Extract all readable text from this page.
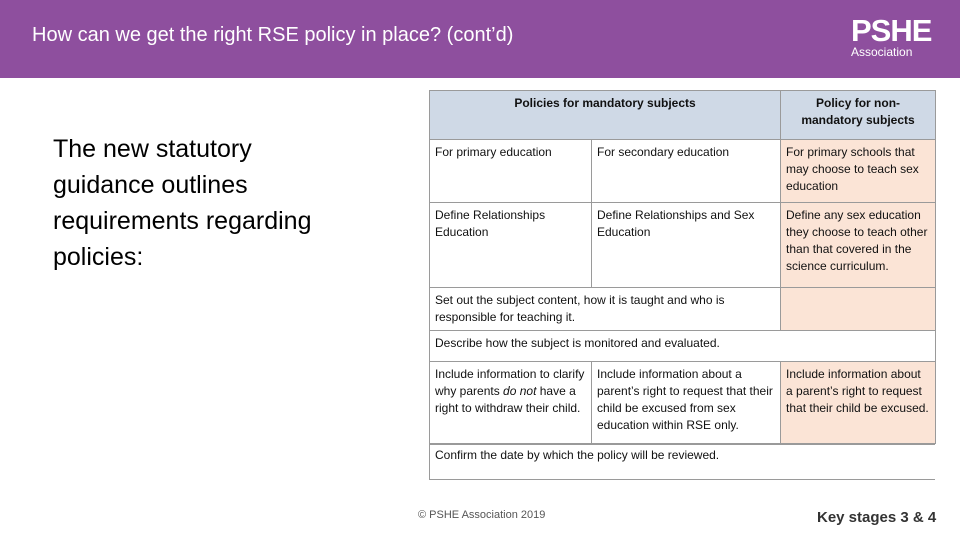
How can we get the right RSE policy in place? (cont’d)	PSHE
Association
The new statutory guidance outlines requirements regarding policies:
Policies for mandatory subjects		Policy for non-mandatory subjects
For primary education	For secondary education	For primary schools that may choose to teach sex education
Define Relationships Education	Define Relationships and Sex Education	Define any sex education they choose to teach other than that covered in the science curriculum.
Set out the subject content, how it is taught and who is responsible for teaching it.		
Describe how the subject is monitored and evaluated.		
Include information to clarify why parents do not have a right to withdraw their child.	Include information about a parent’s right to request that their child be excused from sex education within RSE only.	Include information about a parent’s right to request that their child be excused.
Confirm the date by which the policy will be reviewed.
© PSHE Association 2019	Key stages 3 & 4
